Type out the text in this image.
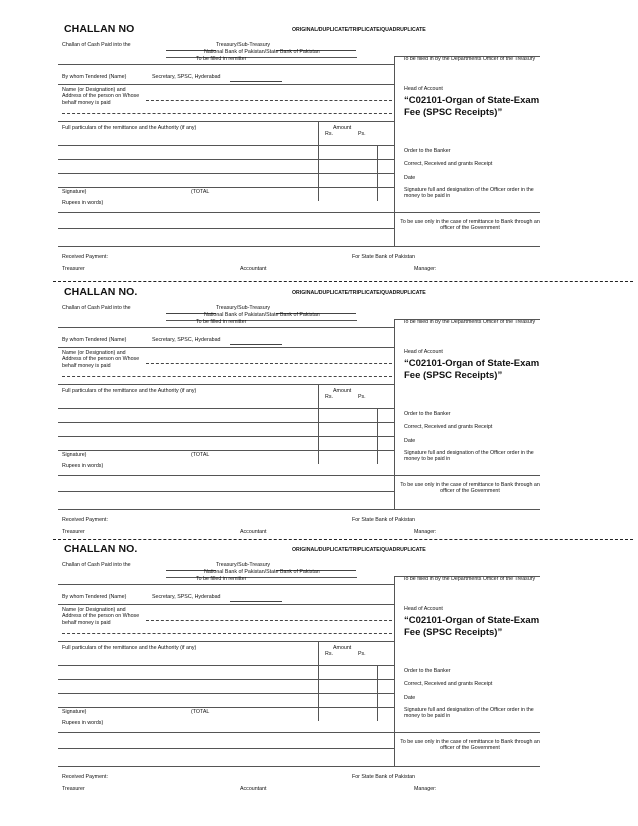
CHALLAN NO	ORIGINAL/DUPLICATE/TRIPLICATE/QUADRUPLICATE
Challan of Cash Paid into the	Treasury/Sub-Treasury
National Bank of Pakistan/State Bank of Pakistan
To be filled in remitter	To be filled in by the Departments Officer of the Treasury
By whom Tendered (Name)	Secretary, SPSC, Hyderabad
Name (or Designation) and Address of the person on Whose behalf money is paid
Head of Account
“C02101-Organ of State-Exam Fee (SPSC Receipts)”
Full particulars of the remittance and the Authority (if any)	Amount
Rs.	Ps.
Order to the Banker
Correct, Received and grants Receipt
Date
Signature full and designation of the Officer order in the money to be paid in
Signature)	(TOTAL
Rupees in words)
To be use only in the case of remittance to Bank through an officer of the Government
Received Payment:	For State Bank of Pakistan
Treasurer	Accountant	Manager:
CHALLAN NO.	ORIGINAL/DUPLICATE/TRIPLICATE/QUADRUPLICATE
Challan of Cash Paid into the	Treasury/Sub-Treasury
National Bank of Pakistan/State Bank of Pakistan
To be filled in remitter	To be filled in by the Departments Officer of the Treasury
By whom Tendered (Name)	Secretary, SPSC, Hyderabad
Name (or Designation) and Address of the person on Whose behalf money is paid
Head of Account
“C02101-Organ of State-Exam Fee (SPSC Receipts)”
Full particulars of the remittance and the Authority (if any)	Amount
Rs.	Ps.
Order to the Banker
Correct, Received and grants Receipt
Date
Signature full and designation of the Officer order in the money to be paid in
Signature)	(TOTAL
Rupees in words)
To be use only in the case of remittance to Bank through an officer of the Government
Received Payment:	For State Bank of Pakistan
Treasurer	Accountant	Manager:
CHALLAN NO.	ORIGINAL/DUPLICATE/TRIPLICATE/QUADRUPLICATE
Challan of Cash Paid into the	Treasury/Sub-Treasury
National Bank of Pakistan/State Bank of Pakistan
To be filled in remitter	To be filled in by the Departments Officer of the Treasury
By whom Tendered (Name)	Secretary, SPSC, Hyderabad
Name (or Designation) and Address of the person on Whose behalf money is paid
Head of Account
“C02101-Organ of State-Exam Fee (SPSC Receipts)”
Full particulars of the remittance and the Authority (if any)	Amount
Rs.	Ps.
Order to the Banker
Correct, Received and grants Receipt
Date
Signature full and designation of the Officer order in the money to be paid in
Signature)	(TOTAL
Rupees in words)
To be use only in the case of remittance to Bank through an officer of the Government
Received Payment:	For State Bank of Pakistan
Treasurer	Accountant	Manager:
